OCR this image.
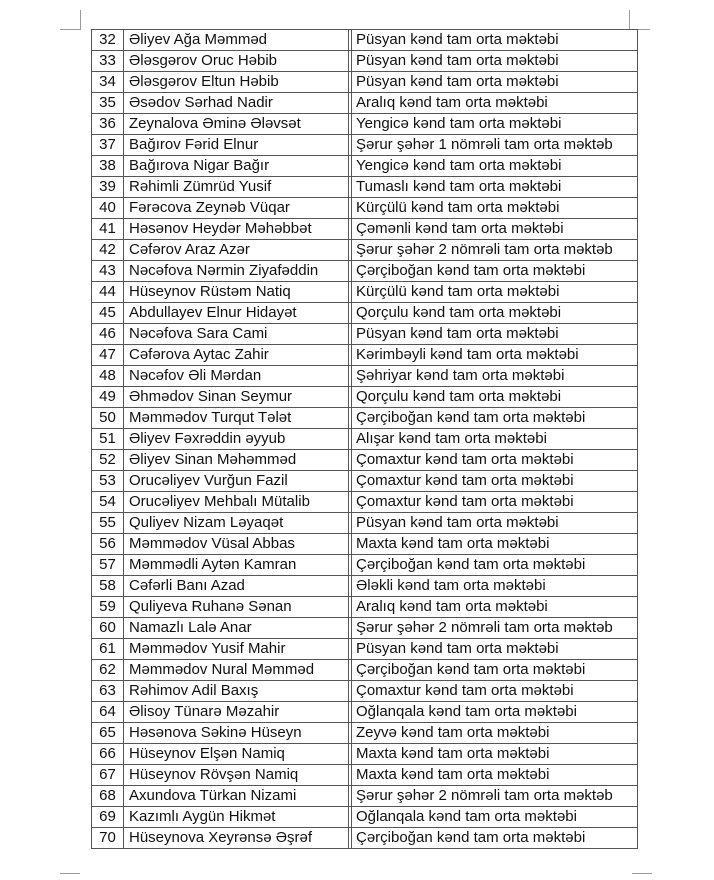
32	Əliyev Ağa Məmməd		Püsyan kənd tam orta məktəbi
33	Ələsgərov Oruc Həbib		Püsyan kənd tam orta məktəbi
34	Ələsgərov Eltun Həbib		Püsyan kənd tam orta məktəbi
35	Əsədov Sərhad Nadir		Aralıq kənd tam orta məktəbi
36	Zeynalova Əminə Ələvsət		Yengicə kənd tam orta məktəbi
37	Bağırov Fərid Elnur		Şərur şəhər 1 nömrəli tam orta məktəb
38	Bağırova Nigar Bağır		Yengicə kənd tam orta məktəbi
39	Rəhimli Zümrüd Yusif		Tumaslı kənd tam orta məktəbi
40	Fərəcova Zeynəb Vüqar		Kürçülü kənd tam orta məktəbi
41	Həsənov Heydər Məhəbbət		Çəmənli kənd tam orta məktəbi
42	Cəfərov Araz Azər		Şərur şəhər 2 nömrəli tam orta məktəb
43	Nəcəfova Nərmin Ziyafəddin		Çərçiboğan kənd tam orta məktəbi
44	Hüseynov Rüstəm Natiq		Kürçülü kənd tam orta məktəbi
45	Abdullayev Elnur Hidayət		Qorçulu kənd tam orta məktəbi
46	Nəcəfova Sara Cami		Püsyan kənd tam orta məktəbi
47	Cəfərova Aytac Zahir		Kərimbəyli kənd tam orta məktəbi
48	Nəcəfov Əli Mərdan		Şəhriyar kənd tam orta məktəbi
49	Əhmədov Sinan Seymur		Qorçulu kənd tam orta məktəbi
50	Məmmədov Turqut Tələt		Çərçiboğan kənd tam orta məktəbi
51	Əliyev Fəxrəddin əyyub		Alışar kənd tam orta məktəbi
52	Əliyev Sinan Məhəmməd		Çomaxtur kənd tam orta məktəbi
53	Orucəliyev Vurğun Fazil		Çomaxtur kənd tam orta məktəbi
54	Orucəliyev Mehbalı Mütalib		Çomaxtur kənd tam orta məktəbi
55	Quliyev Nizam Ləyaqət		Püsyan kənd tam orta məktəbi
56	Məmmədov Vüsal Abbas		Maxta kənd tam orta məktəbi
57	Məmmədli Aytən Kamran		Çərçiboğan kənd tam orta məktəbi
58	Cəfərli Banı Azad		Ələkli kənd tam orta məktəbi
59	Quliyeva Ruhanə Sənan		Aralıq kənd tam orta məktəbi
60	Namazlı Lalə Anar		Şərur şəhər 2 nömrəli tam orta məktəb
61	Məmmədov Yusif Mahir		Püsyan kənd tam orta məktəbi
62	Məmmədov Nural Məmməd		Çərçiboğan kənd tam orta məktəbi
63	Rəhimov Adil Baxış		Çomaxtur kənd tam orta məktəbi
64	Əlisoy Tünarə Məzahir		Oğlanqala kənd tam orta məktəbi
65	Həsənova Səkinə Hüseyn		Zeyvə kənd tam orta məktəbi
66	Hüseynov Elşən Namiq		Maxta kənd tam orta məktəbi
67	Hüseynov Rövşən Namiq		Maxta kənd tam orta məktəbi
68	Axundova Türkan Nizami		Şərur şəhər 2 nömrəli tam orta məktəb
69	Kazımlı Aygün Hikmət		Oğlanqala kənd tam orta məktəbi
70	Hüseynova Xeyrənsə Əşrəf		Çərçiboğan kənd tam orta məktəbi
